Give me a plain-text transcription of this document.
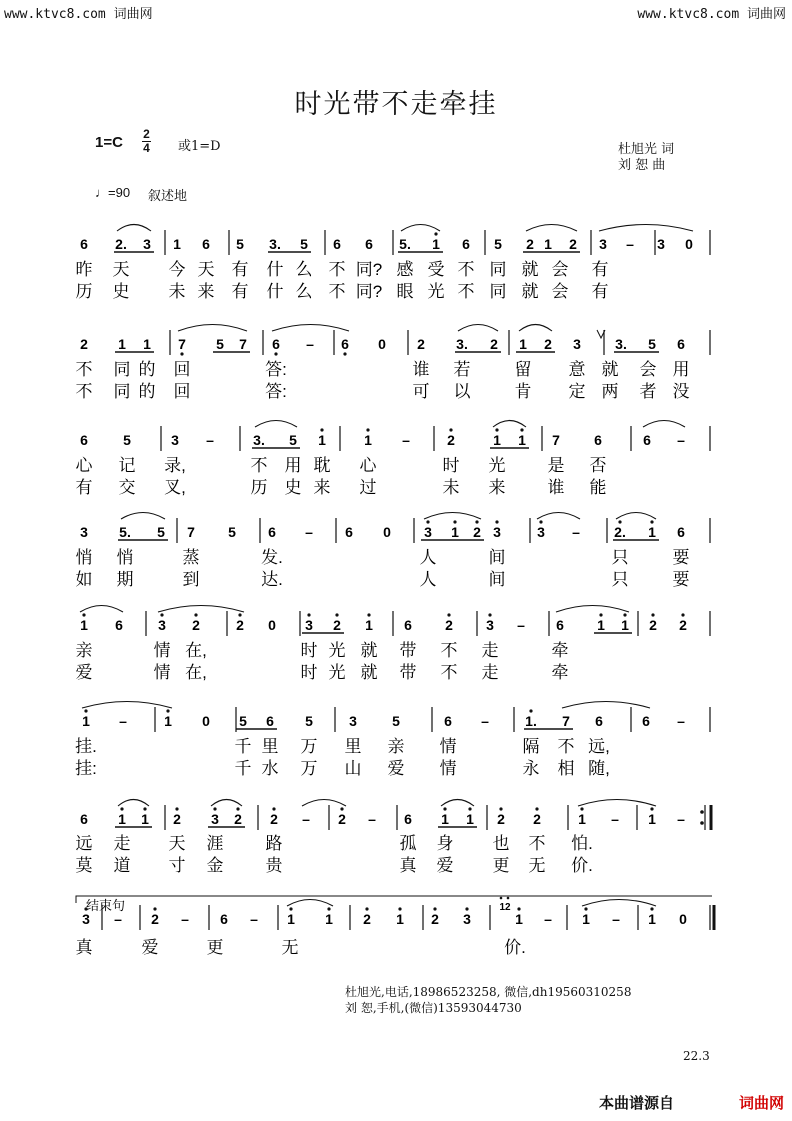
www.ktvc8.com 词曲网	www.ktvc8.com 词曲网
时光带不走牵挂
1=C 2
4 或1=D	杜旭光 词
刘 恕 曲
♩=90 叙述地
6 2. 3 1 6 5 3. 5 6 6 5. 1 6 5 2 1 2 3 – 3 0
昨 天 今 天 有 什 么 不 同? 感 受 不 同 就 会 有
历 史 未 来 有 什 么 不 同? 眼 光 不 同 就 会 有
2 1 1 7 5 7 6 – 6 0 2 3. 2 1 2 3 3. 5 6
不 同 的 回	答:	谁 若	留 意 就 会 用
不 同 的 回	答:	可 以	肯 定 两 者 没
6	5	3 –	3. 5 1	1 –	2	1 1 7 6	6 –
心 记 录,	不 用 耽 心	时 光 是 否
有 交 叉,	历 史 来 过	未 来 谁 能
3 5. 5 7 5 6 – 6 0 3 1 2 3	3 – 2. 1 6
悄 悄	蒸	发.	人	间	只	要
如 期	到	达.	人	间	只	要
1 6	3 2	2 0 3 2 1 6 2 3 – 6 1 1 2 2
亲	情 在,	时 光 就 带 不 走	牵
爱	情 在,	时 光 就 带 不 走	牵
1 –	1 0 5 6 5	3	5	6 –	1. 7 6	6 –
挂.	千 里 万 里 亲 情	隔 不 远,
挂:	千 水 万 山 爱 情	永 相 随,
6 1 1 2 3 2 2 – 2 – 6 1 1 2 2	1 – 1 –
远 走 天 涯 路	孤 身 也 不 怕.
莫 道 寸 金 贵	真 爱 更 无 价.
3 – 2 – 6 – 1 1 2 1 2 3	1 – 1 – 1 0
真	爱	更	无	价.
结束句	12
杜旭光,电话,18986523258, 微信,dh19560310258
刘 恕,手机,(微信)13593044730
22.3
本曲谱源自	词曲网
